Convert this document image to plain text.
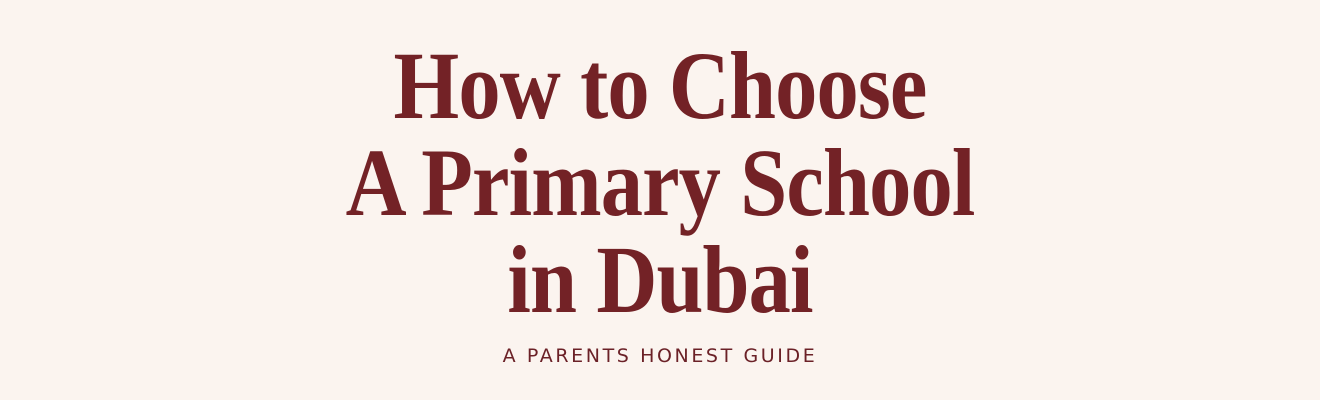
How to Choose
A Primary School
in Dubai
A PARENTS HONEST GUIDE
